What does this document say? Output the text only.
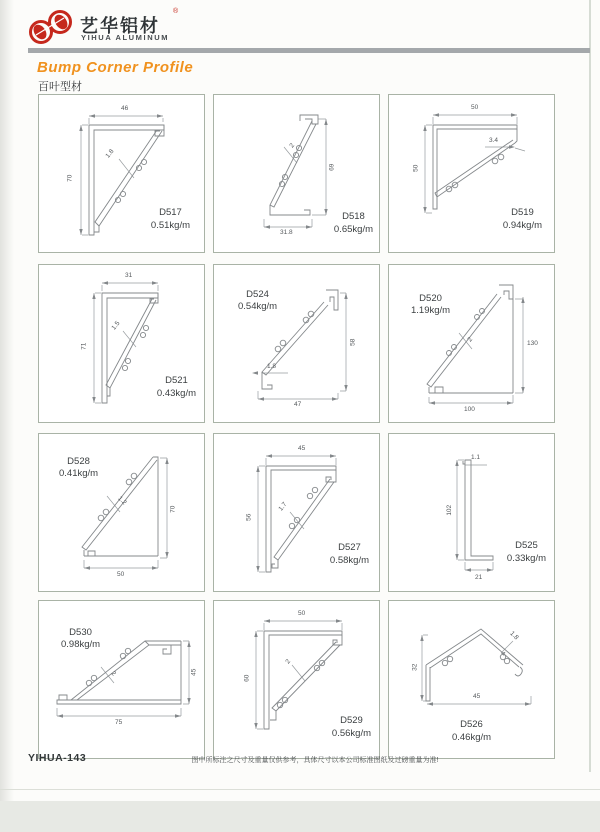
艺华铝材
®
YIHUA ALUMINUM
Bump Corner Profile
百叶型材
46
70
1.8
D517
0.51kg/m
69
31.8
2
D518
0.65kg/m
50
50
3.4
D519
0.94kg/m
31
71
1.5
D521
0.43kg/m
58
47
1.8
D524
0.54kg/m
130
100
2
D520
1.19kg/m
70
50
1.2
D528
0.41kg/m
45
56
1.7
D527
0.58kg/m
1.1
102
21
D525
0.33kg/m
45
75
2
D530
0.98kg/m
50
60
2
D529
0.56kg/m
32
45
1.8
D526
0.46kg/m
YIHUA-143	图中所标注之尺寸及重量仅供参考，具体尺寸以本公司标准图纸及过磅重量为准!
